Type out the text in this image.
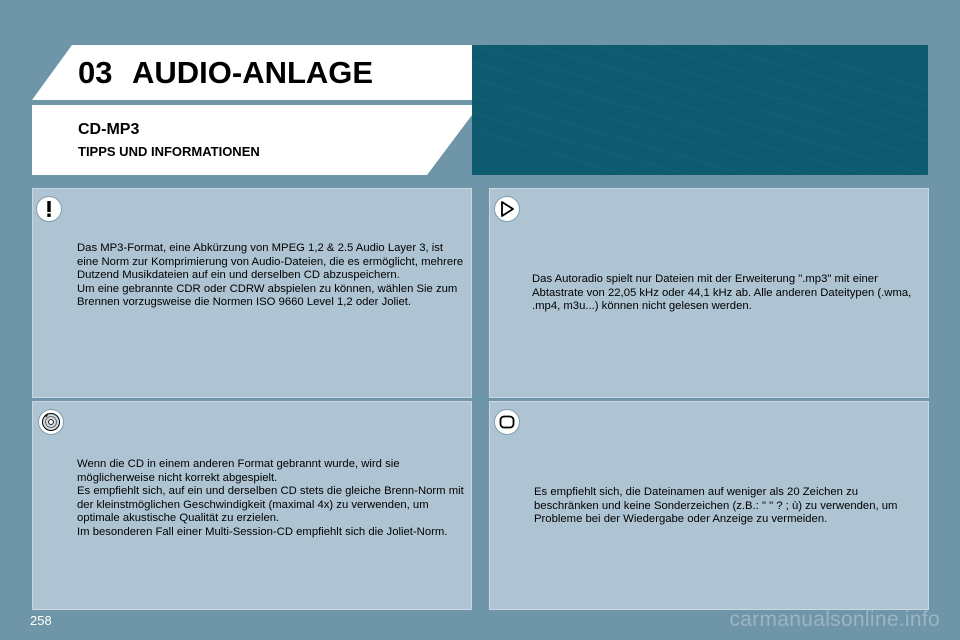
03 AUDIO-ANLAGE
CD-MP3
TIPPS UND INFORMATIONEN

Das MP3-Format, eine Abkürzung von MPEG 1,2 & 2.5 Audio Layer 3, ist eine Norm zur Komprimierung von Audio-Dateien, die es ermöglicht, mehrere Dutzend Musikdateien auf ein und derselben CD abzuspeichern.

Um eine gebrannte CDR oder CDRW abspielen zu können, wählen Sie zum Brennen vorzugsweise die Normen ISO 9660 Level 1,2 oder Joliet.

Das Autoradio spielt nur Dateien mit der Erweiterung ".mp3" mit einer Abtastrate von 22,05 kHz oder 44,1 kHz ab. Alle anderen Dateitypen (.wma, .mp4, m3u...) können nicht gelesen werden.

Wenn die CD in einem anderen Format gebrannt wurde, wird sie möglicherweise nicht korrekt abgespielt.

Es empfiehlt sich, auf ein und derselben CD stets die gleiche Brenn-Norm mit der kleinstmöglichen Geschwindigkeit (maximal 4x) zu verwenden, um optimale akustische Qualität zu erzielen.

Im besonderen Fall einer Multi-Session-CD empfiehlt sich die Joliet-Norm.

Es empfiehlt sich, die Dateinamen auf weniger als 20 Zeichen zu beschränken und keine Sonderzeichen (z.B.: " " ? ; ù) zu verwenden, um Probleme bei der Wiedergabe oder Anzeige zu vermeiden.

258	carmanualsonline.info
